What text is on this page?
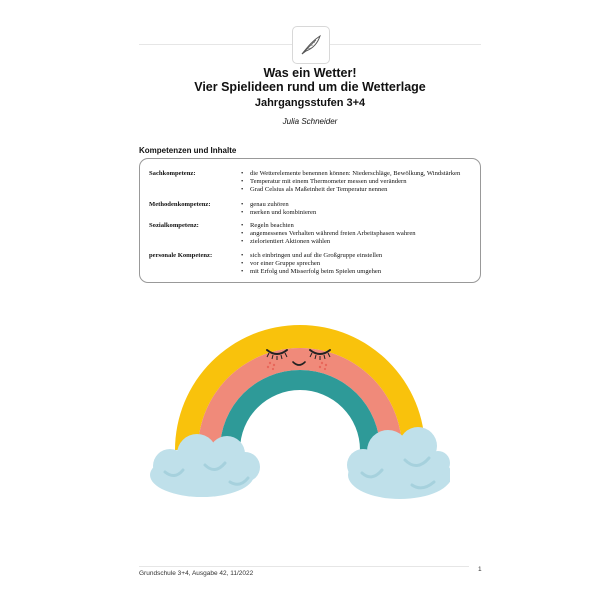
Was ein Wetter!
Vier Spielideen rund um die Wetterlage
Jahrgangsstufen 3+4
Julia Schneider
Kompetenzen und Inhalte
Sachkompetenz:	• die Wetterelemente benennen können: Niederschläge, Bewölkung, Windstärken
• Temperatur mit einem Thermometer messen und verändern
• Grad Celsius als Maßeinheit der Temperatur nennen
Methodenkompetenz:	• genau zuhören
• merken und kombinieren
Sozialkompetenz:	• Regeln beachten
• angemessenes Verhalten während freien Arbeitsphasen wahren
• zielorientiert Aktionen wählen
personale Kompetenz:	• sich einbringen und auf die Großgruppe einstellen
• vor einer Gruppe sprechen
• mit Erfolg und Misserfolg beim Spielen umgehen
Grundschule 3+4, Ausgabe 42, 11/2022
1
